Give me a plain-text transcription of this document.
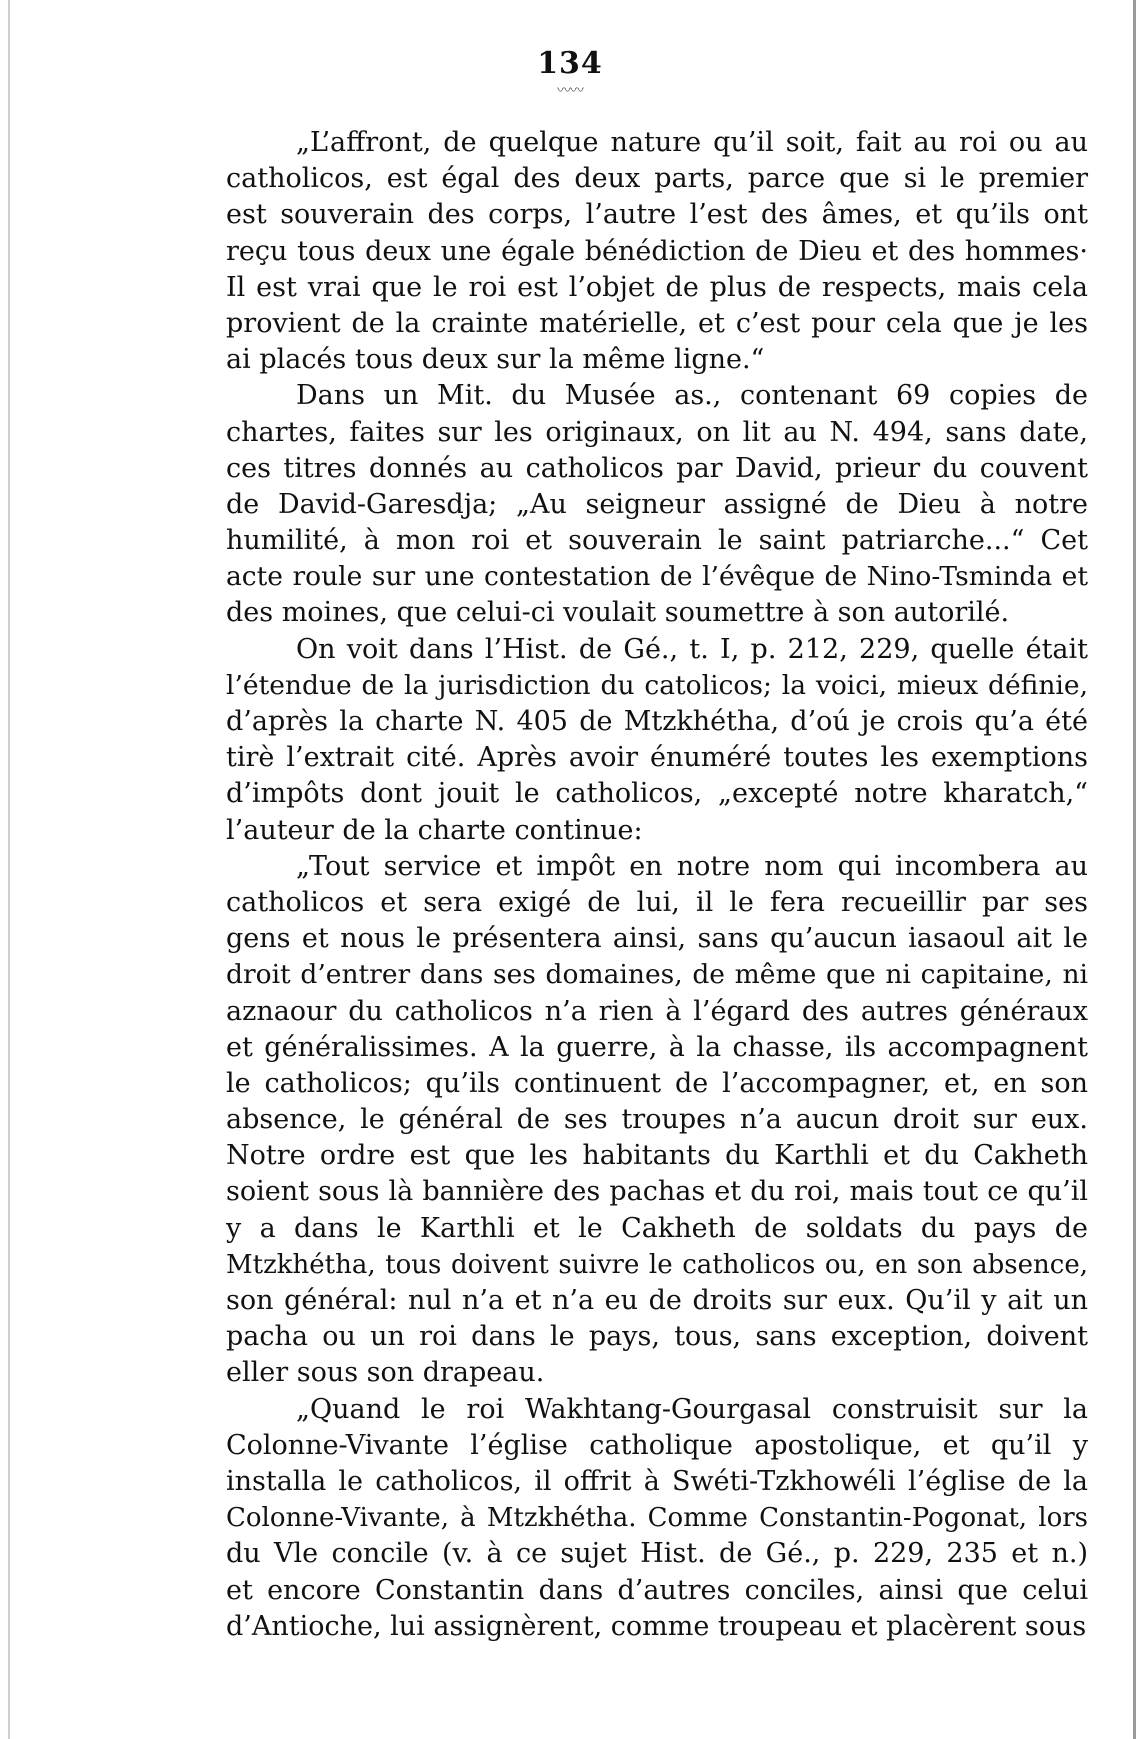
134
〰〰
„L’affront, de quelque nature qu’il soit, fait au roi ou au
catholicos, est égal des deux parts, parce que si le premier
est souverain des corps, l’autre l’est des âmes, et qu’ils ont
reçu tous deux une égale bénédiction de Dieu et des hommes·
Il est vrai que le roi est l’objet de plus de respects, mais cela
provient de la crainte matérielle, et c’est pour cela que je les
ai placés tous deux sur la même ligne.“
Dans un Mit. du Musée as., contenant 69 copies de
chartes, faites sur les originaux, on lit au N. 494, sans date,
ces titres donnés au catholicos par David, prieur du couvent
de David-Garesdja; „Au seigneur assigné de Dieu à notre
humilité, à mon roi et souverain le saint patriarche...“ Cet
acte roule sur une contestation de l’évêque de Nino-Tsminda et
des moines, que celui-ci voulait soumettre à son autorilé.
On voit dans l’Hist. de Gé., t. I, p. 212, 229, quelle était
l’étendue de la jurisdiction du catolicos; la voici, mieux définie,
d’après la charte N. 405 de Mtzkhétha, d’oú je crois qu’a été
tirè l’extrait cité. Après avoir énuméré toutes les exemptions
d’impôts dont jouit le catholicos, „excepté notre kharatch,“
l’auteur de la charte continue:
„Tout service et impôt en notre nom qui incombera au
catholicos et sera exigé de lui, il le fera recueillir par ses
gens et nous le présentera ainsi, sans qu’aucun iasaoul ait le
droit d’entrer dans ses domaines, de même que ni capitaine, ni
aznaour du catholicos n’a rien à l’égard des autres généraux
et généralissimes. A la guerre, à la chasse, ils accompagnent
le catholicos; qu’ils continuent de l’accompagner, et, en son
absence, le général de ses troupes n’a aucun droit sur eux.
Notre ordre est que les habitants du Karthli et du Cakheth
soient sous là bannière des pachas et du roi, mais tout ce qu’il
y a dans le Karthli et le Cakheth de soldats du pays de
Mtzkhétha, tous doivent suivre le catholicos ou, en son absence,
son général: nul n’a et n’a eu de droits sur eux. Qu’il y ait un
pacha ou un roi dans le pays, tous, sans exception, doivent
eller sous son drapeau.
„Quand le roi Wakhtang-Gourgasal construisit sur la
Colonne-Vivante l’église catholique apostolique, et qu’il y
installa le catholicos, il offrit à Swéti-Tzkhowéli l’église de la
Colonne-Vivante, à Mtzkhétha. Comme Constantin-Pogonat, lors
du Vle concile (v. à ce sujet Hist. de Gé., p. 229, 235 et n.)
et encore Constantin dans d’autres conciles, ainsi que celui
d’Antioche, lui assignèrent, comme troupeau et placèrent sous
